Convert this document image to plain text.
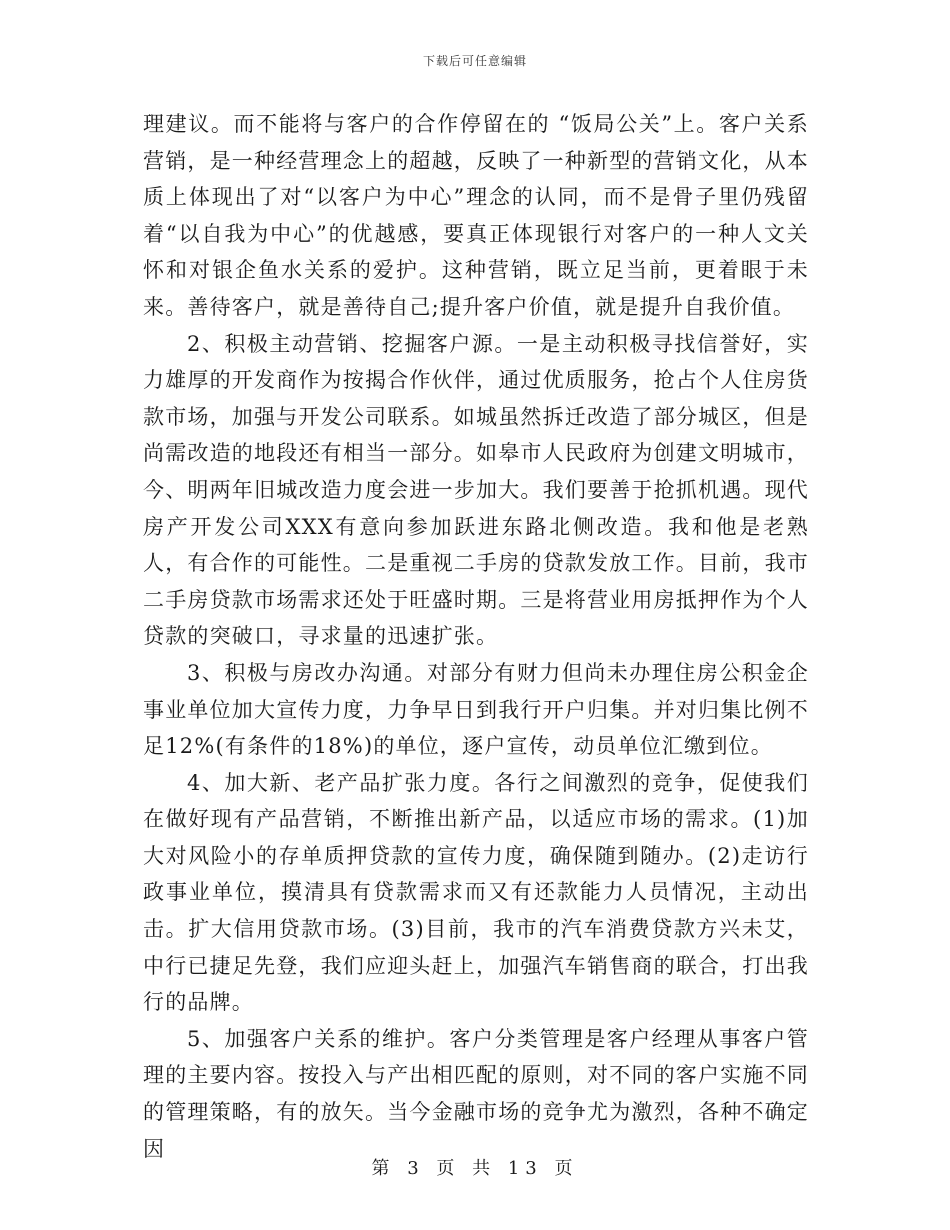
下载后可任意编辑

理建议。而不能将与客户的合作停留在的 “饭局公关”上。客户关系营销，是一种经营理念上的超越，反映了一种新型的营销文化，从本质上体现出了对“以客户为中心”理念的认同，而不是骨子里仍残留着“以自我为中心”的优越感，要真正体现银行对客户的一种人文关怀和对银企鱼水关系的爱护。这种营销，既立足当前，更着眼于未来。善待客户，就是善待自己;提升客户价值，就是提升自我价值。

2、积极主动营销、挖掘客户源。一是主动积极寻找信誉好，实力雄厚的开发商作为按揭合作伙伴，通过优质服务，抢占个人住房货款市场，加强与开发公司联系。如城虽然拆迁改造了部分城区，但是尚需改造的地段还有相当一部分。如皋市人民政府为创建文明城市，今、明两年旧城改造力度会进一步加大。我们要善于抢抓机遇。现代房产开发公司XXX有意向参加跃进东路北侧改造。我和他是老熟人，有合作的可能性。二是重视二手房的贷款发放工作。目前，我市二手房贷款市场需求还处于旺盛时期。三是将营业用房抵押作为个人贷款的突破口，寻求量的迅速扩张。

3、积极与房改办沟通。对部分有财力但尚未办理住房公积金企事业单位加大宣传力度，力争早日到我行开户归集。并对归集比例不足12%(有条件的18%)的单位，逐户宣传，动员单位汇缴到位。

4、加大新、老产品扩张力度。各行之间激烈的竞争，促使我们在做好现有产品营销，不断推出新产品，以适应市场的需求。(1)加大对风险小的存单质押贷款的宣传力度，确保随到随办。(2)走访行政事业单位，摸清具有贷款需求而又有还款能力人员情况，主动出击。扩大信用贷款市场。(3)目前，我市的汽车消费贷款方兴未艾，中行已捷足先登，我们应迎头赶上，加强汽车销售商的联合，打出我行的品牌。

5、加强客户关系的维护。客户分类管理是客户经理从事客户管理的主要内容。按投入与产出相匹配的原则，对不同的客户实施不同的管理策略，有的放矢。当今金融市场的竞争尤为激烈，各种不确定因

第 3 页 共 13 页
